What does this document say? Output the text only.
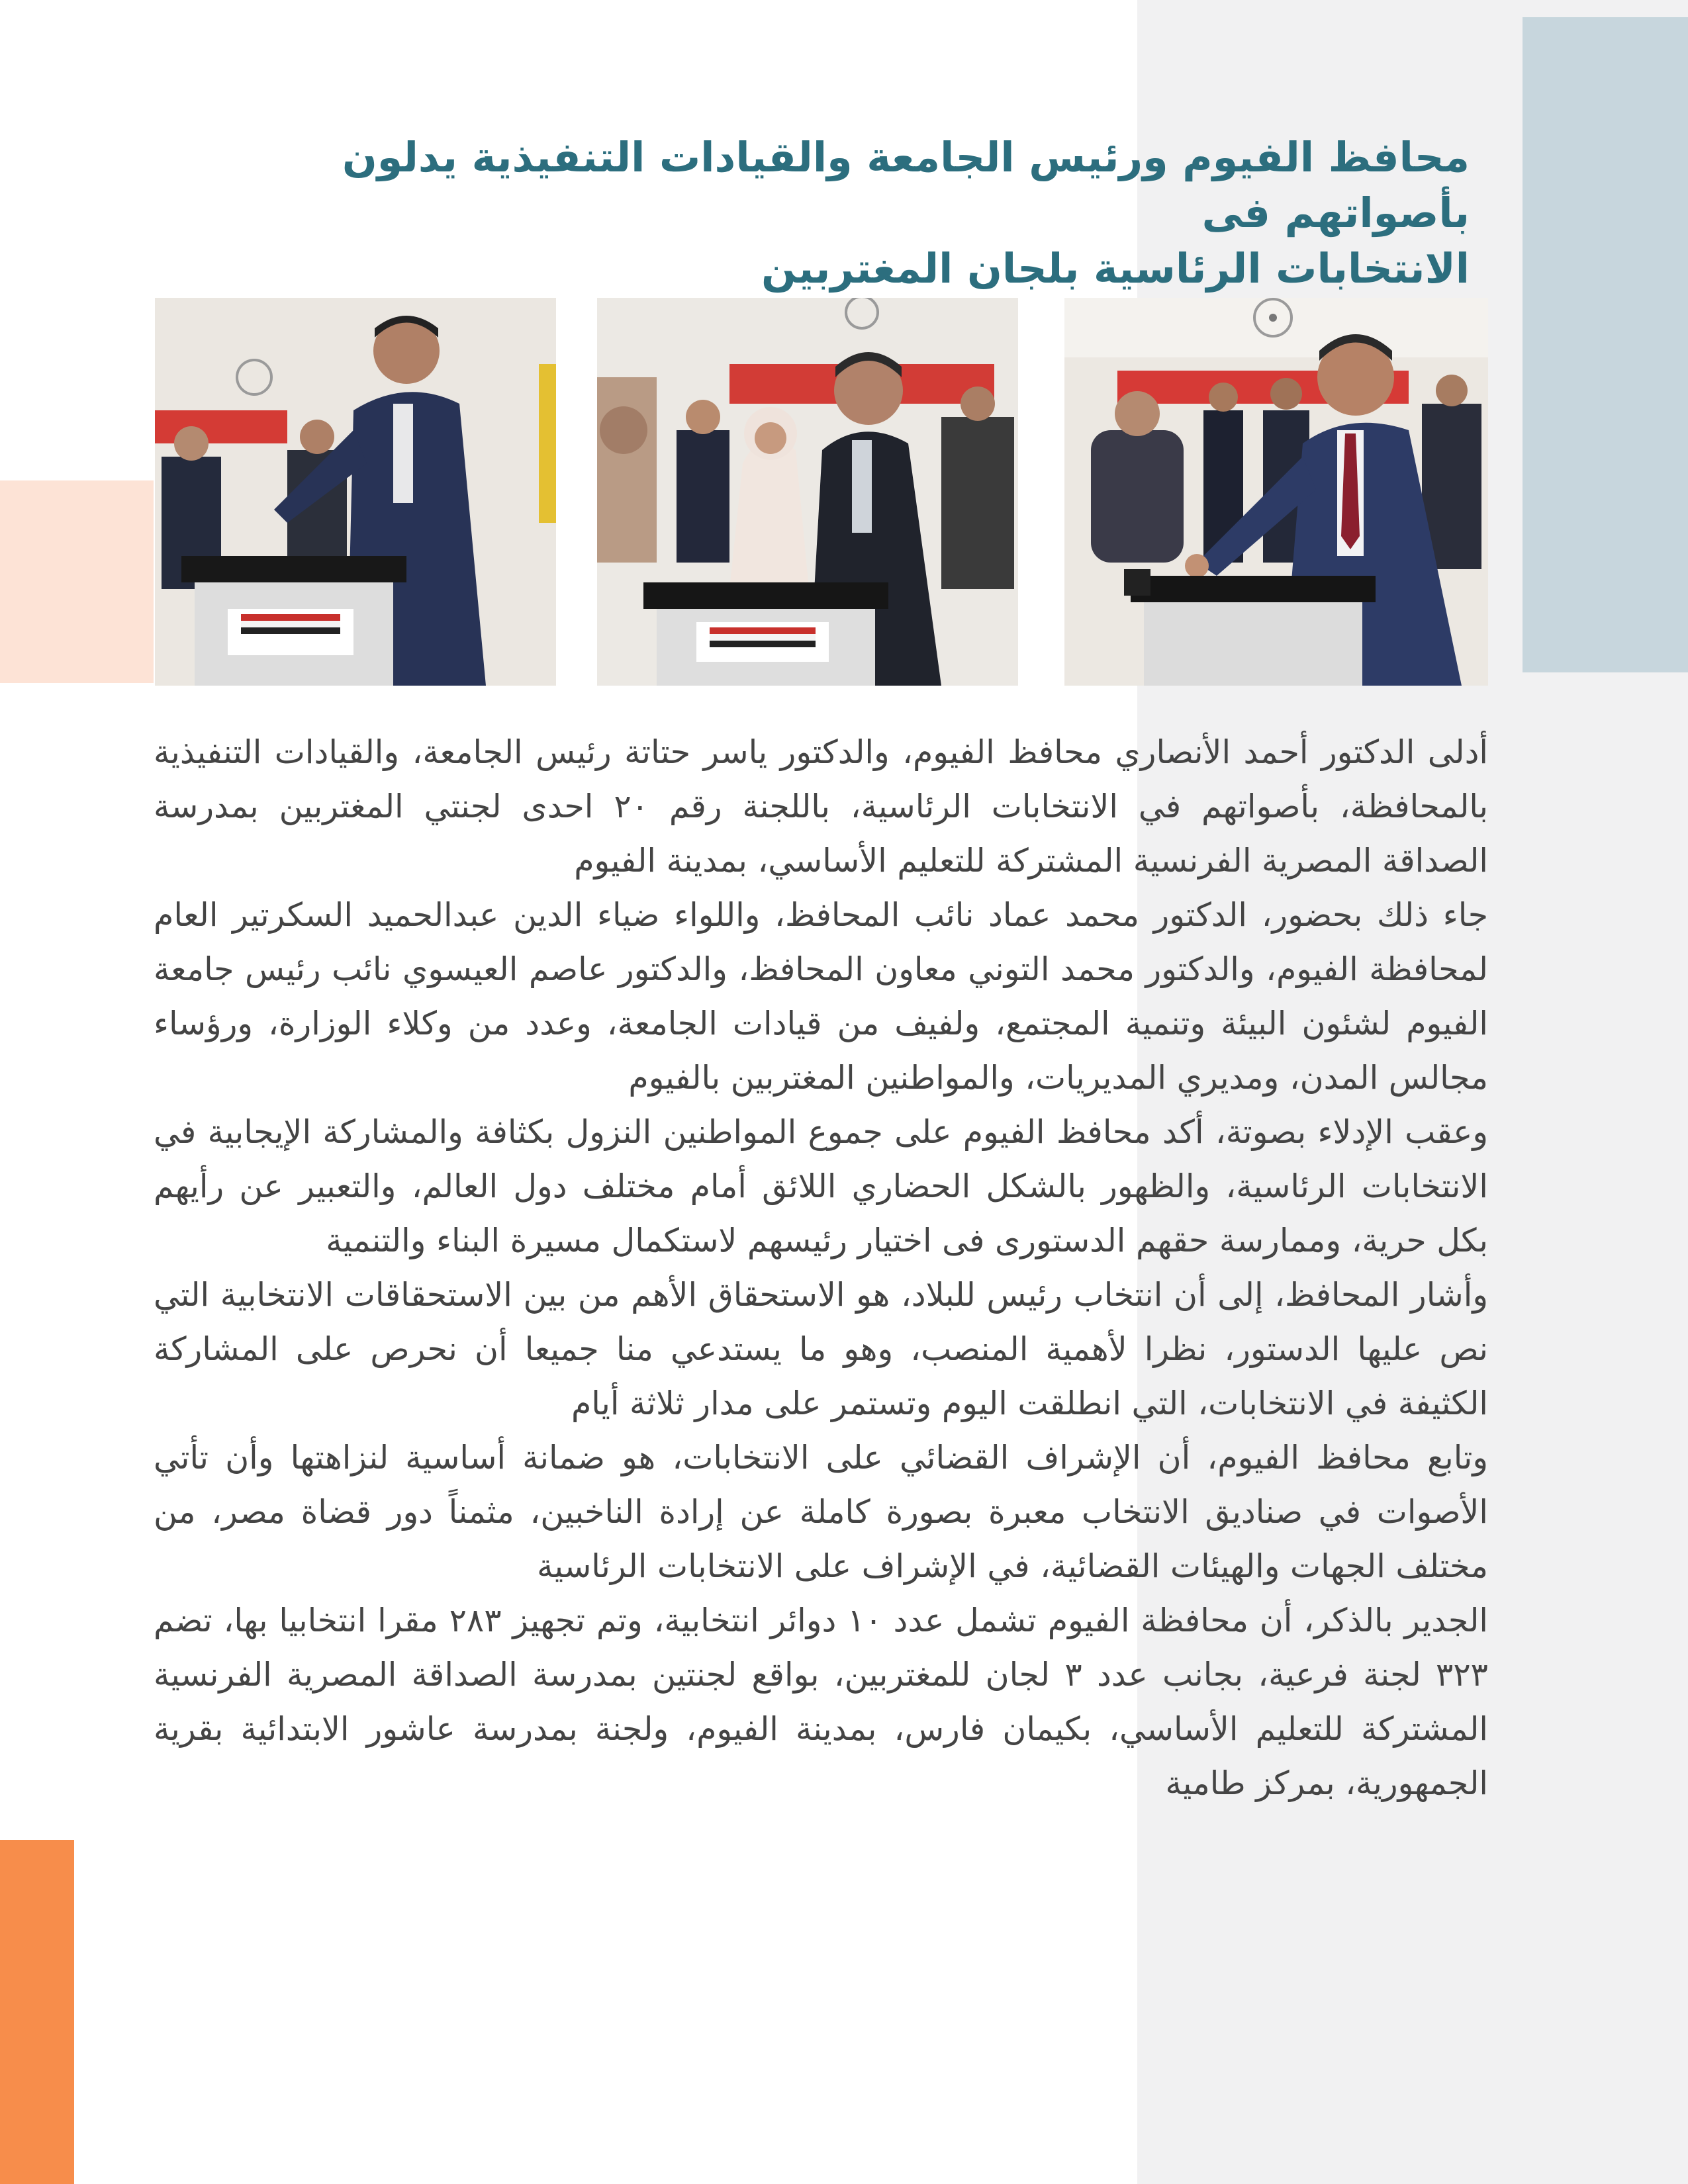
محافظ الفيوم ورئيس الجامعة والقيادات التنفيذية يدلون بأصواتهم فى
الانتخابات الرئاسية بلجان المغتربين

أدلى الدكتور أحمد الأنصاري محافظ الفيوم، والدكتور ياسر حتاتة رئيس الجامعة، والقيادات التنفيذية بالمحافظة، بأصواتهم في الانتخابات الرئاسية، باللجنة رقم ٢٠ احدى لجنتي المغتربين بمدرسة الصداقة المصرية الفرنسية المشتركة للتعليم الأساسي، بمدينة الفيوم

جاء ذلك بحضور، الدكتور محمد عماد نائب المحافظ، واللواء ضياء الدين عبدالحميد السكرتير العام لمحافظة الفيوم، والدكتور محمد التوني معاون المحافظ، والدكتور عاصم العيسوي نائب رئيس جامعة الفيوم لشئون البيئة وتنمية المجتمع، ولفيف من قيادات الجامعة، وعدد من وكلاء الوزارة، ورؤساء مجالس المدن، ومديري المديريات، والمواطنين المغتربين بالفيوم

وعقب الإدلاء بصوتة، أكد محافظ الفيوم على جموع المواطنين النزول بكثافة والمشاركة الإيجابية في الانتخابات الرئاسية، والظهور بالشكل الحضاري اللائق أمام مختلف دول العالم، والتعبير عن رأيهم بكل حرية، وممارسة حقهم الدستورى فى اختيار رئيسهم لاستكمال مسيرة البناء والتنمية

وأشار المحافظ، إلى أن انتخاب رئيس للبلاد، هو الاستحقاق الأهم من بين الاستحقاقات الانتخابية التي نص عليها الدستور، نظرا لأهمية المنصب، وهو ما يستدعي منا جميعا أن نحرص على المشاركة الكثيفة في الانتخابات، التي انطلقت اليوم وتستمر على مدار ثلاثة أيام

وتابع محافظ الفيوم، أن الإشراف القضائي على الانتخابات، هو ضمانة أساسية لنزاهتها وأن تأتي الأصوات في صناديق الانتخاب معبرة بصورة كاملة عن إرادة الناخبين، مثمناً دور قضاة مصر، من مختلف الجهات والهيئات القضائية، في الإشراف على الانتخابات الرئاسية

الجدير بالذكر، أن محافظة الفيوم تشمل عدد ١٠ دوائر انتخابية، وتم تجهيز ٢٨٣ مقرا انتخابيا بها، تضم ٣٢٣ لجنة فرعية، بجانب عدد ٣ لجان للمغتربين، بواقع لجنتين بمدرسة الصداقة المصرية الفرنسية المشتركة للتعليم الأساسي، بكيمان فارس، بمدينة الفيوم، ولجنة بمدرسة عاشور الابتدائية بقرية الجمهورية، بمركز طامية
